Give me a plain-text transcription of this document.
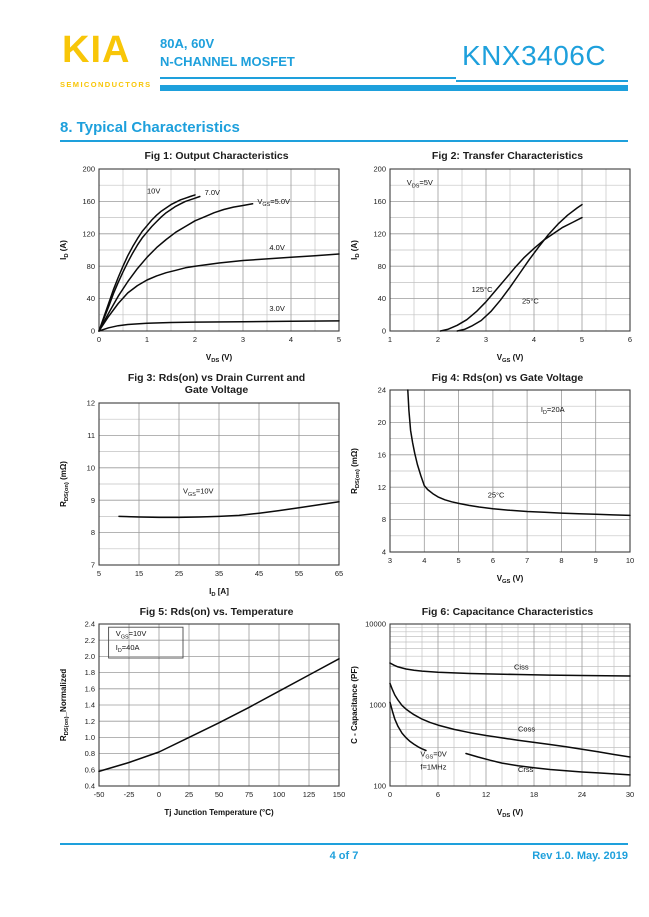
KIA
SEMICONDUCTORS
80A, 60V
N-CHANNEL MOSFET	KNX3406C
8. Typical Characteristics
Fig 1: Output Characteristics
0	1	2	3	4	5
0
40
80
120
160
200
$V_{DS}$ (V)
$I_D$ (A)
10V	7.0V
$V_{GS}=5.0V$
4.0V
3.0V
Fig 2: Transfer Characteristics
1	2	3	4	5	6
0
40
80
120
160
200
$V_{GS}$ (V)
$I_D$ (A)
$V_{DS}=5V$
125°C
25°C
Fig 3: Rds(on) vs Drain Current and
Gate Voltage
5	15	25	35	45	55	65
7
8
9
10
11
12
$I_D$ [A]
$R_{DS(on)}$ (mΩ)
$V_{GS}=10V$
Fig 4: Rds(on) vs Gate Voltage
3	4	5	6	7	8	9	10
4
8
12
16
20
24
$V_{GS}$ (V)
$R_{DS(on)}$ (mΩ)
$I_D=20A$
25°C
Fig 5: Rds(on) vs. Temperature
-50	-25	0	25	50	75	100 125 150
0.4
0.6
0.8
1.0
1.2
1.4
1.6
1.8
2.0
2.2
2.4
Tj Junction Temperature (°C)
$R_{DS(on)}\_Normalized$
$V_{GS}=10V$
$I_D=40A$
Fig 6: Capacitance Characteristics
0	6	12	18	24	30
100
1000
10000
$V_{DS}$ (V)
C - Capacitance (PF)	Ciss
Coss
Crss
$V_{GS}=0V$
f=1MHz
4 of 7	Rev 1.0. May. 2019
